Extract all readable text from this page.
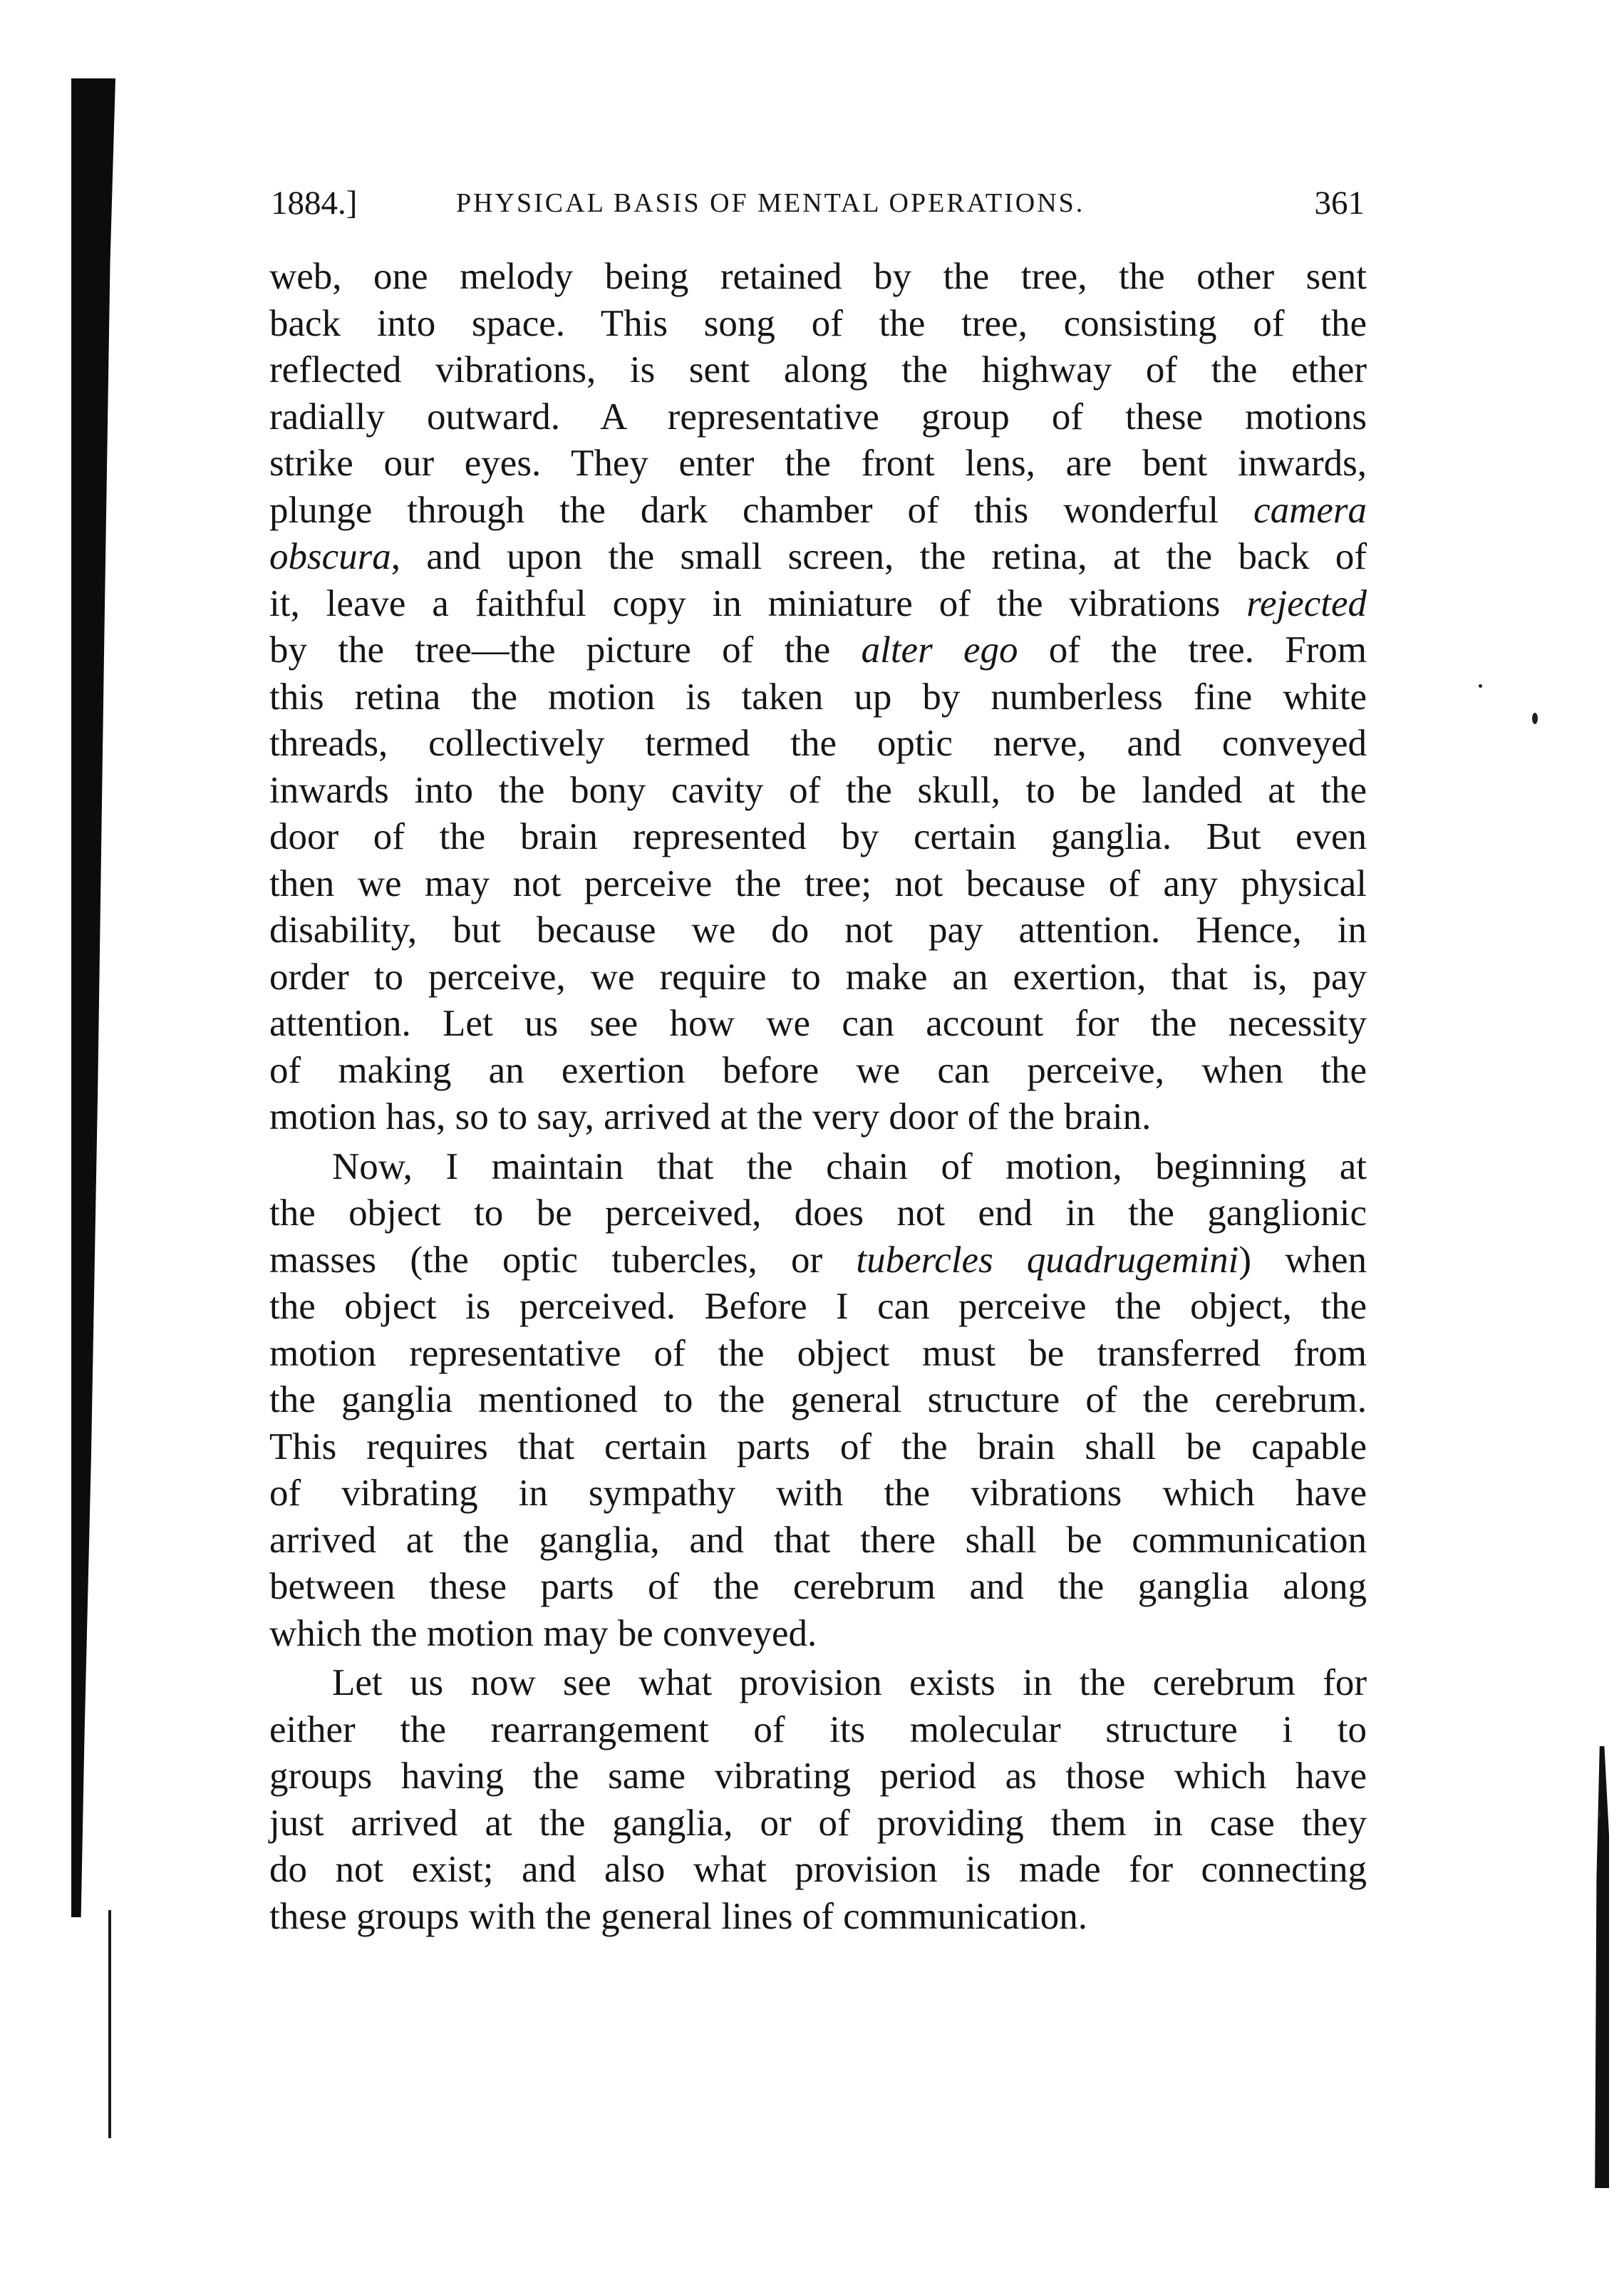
1884.]	PHYSICAL BASIS OF MENTAL OPERATIONS.	361
web, one melody being retained by the tree, the other sent
back into space. This song of the tree, consisting of the
reflected vibrations, is sent along the highway of the ether
radially outward. A representative group of these motions
strike our eyes. They enter the front lens, are bent inwards,
plunge through the dark chamber of this wonderful camera
obscura, and upon the small screen, the retina, at the back of
it, leave a faithful copy in miniature of the vibrations rejected
by the tree—the picture of the alter ego of the tree. From
this retina the motion is taken up by numberless fine white
threads, collectively termed the optic nerve, and conveyed
inwards into the bony cavity of the skull, to be landed at the
door of the brain represented by certain ganglia. But even
then we may not perceive the tree; not because of any physical
disability, but because we do not pay attention. Hence, in
order to perceive, we require to make an exertion, that is, pay
attention. Let us see how we can account for the necessity
of making an exertion before we can perceive, when the
motion has, so to say, arrived at the very door of the brain.
Now, I maintain that the chain of motion, beginning at
the object to be perceived, does not end in the ganglionic
masses (the optic tubercles, or tubercles quadrugemini) when
the object is perceived. Before I can perceive the object, the
motion representative of the object must be transferred from
the ganglia mentioned to the general structure of the cerebrum.
This requires that certain parts of the brain shall be capable
of vibrating in sympathy with the vibrations which have
arrived at the ganglia, and that there shall be communication
between these parts of the cerebrum and the ganglia along
which the motion may be conveyed.
Let us now see what provision exists in the cerebrum for
either the rearrangement of its molecular structure i to
groups having the same vibrating period as those which have
just arrived at the ganglia, or of providing them in case they
do not exist; and also what provision is made for connecting
these groups with the general lines of communication.
